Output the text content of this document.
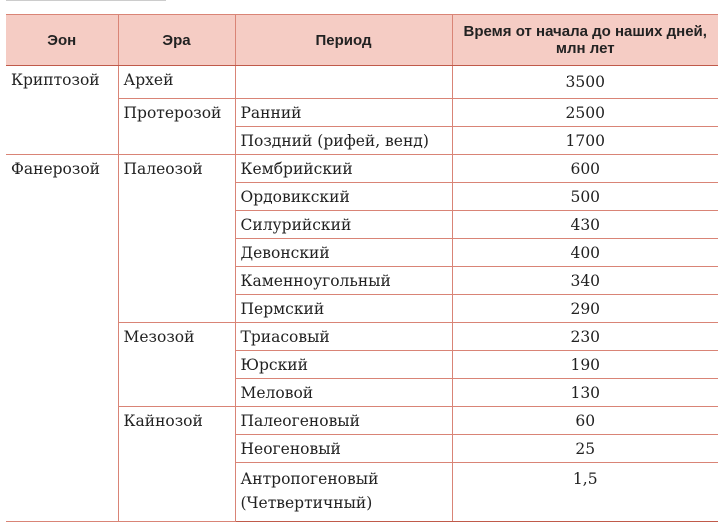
Эон	Эра	Период	Время от начала до наших дней, млн лет
Криптозой	Архей		3500
	Протерозой	Ранний	2500
		Поздний (рифей, венд)	1700
Фанерозой	Палеозой	Кембрийский	600
		Ордовикский	500
		Силурийский	430
		Девонский	400
		Каменноугольный	340
		Пермский	290
	Мезозой	Триасовый	230
		Юрский	190
		Меловой	130
	Кайнозой	Палеогеновый	60
		Неогеновый	25
		Антропогеновый (Четвертичный)	1,5
